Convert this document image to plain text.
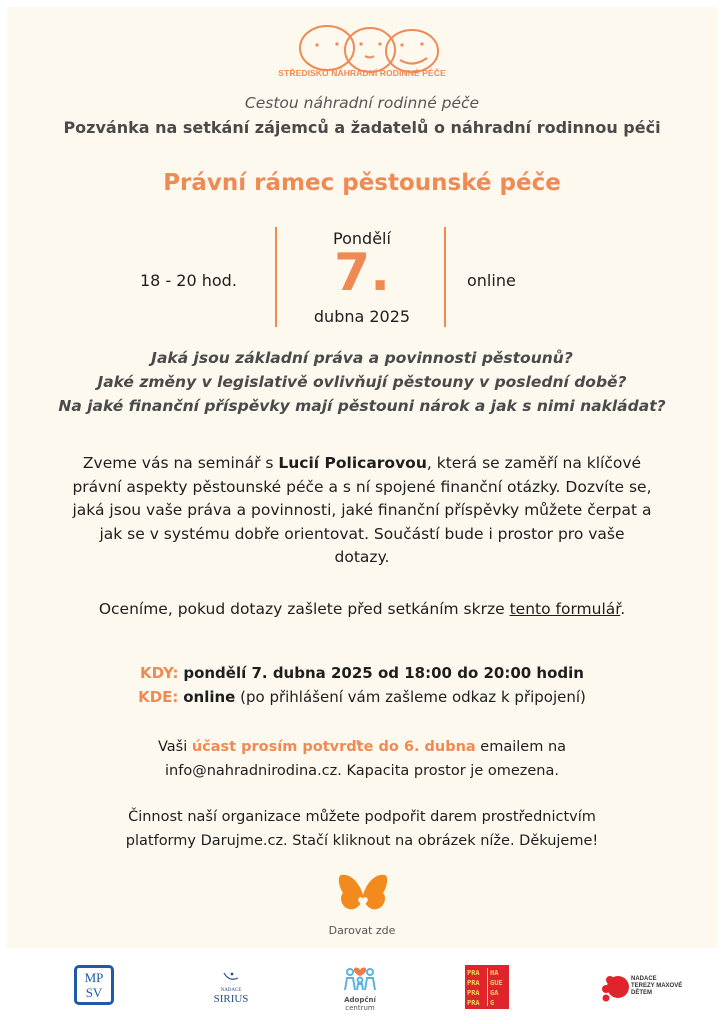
STŘEDISKO NÁHRADNÍ RODINNÉ PÉČE
Cestou náhradní rodinné péče
Pozvánka na setkání zájemců a žadatelů o náhradní rodinnou péči
Právní rámec pěstounské péče
18 - 20 hod.
Pondělí
7.
dubna 2025
online
Jaká jsou základní práva a povinnosti pěstounů?
Jaké změny v legislativě ovlivňují pěstouny v poslední době?
Na jaké finanční příspěvky mají pěstouni nárok a jak s nimi nakládat?
Zveme vás na seminář s Lucií Policarovou, která se zaměří na klíčové právní aspekty pěstounské péče a s ní spojené finanční otázky. Dozvíte se, jaká jsou vaše práva a povinnosti, jaké finanční příspěvky můžete čerpat a jak se v systému dobře orientovat. Součástí bude i prostor pro vaše dotazy.
Oceníme, pokud dotazy zašlete před setkáním skrze tento formulář.
KDY: pondělí 7. dubna 2025 od 18:00 do 20:00 hodin
KDE: online (po přihlášení vám zašleme odkaz k připojení)
Vaši účast prosím potvrďte do 6. dubna emailem na
info@nahradnirodina.cz. Kapacita prostor je omezena.
Činnost naší organizace můžete podpořit darem prostřednictvím
platformy Darujme.cz. Stačí kliknout na obrázek níže. Děkujeme!
Darovat zde
MP
SV	NADACE
SIRIUS	Adopční
centrum
PRA
PRA
PRA
PRA
HA
GUE
GA
G
NADACE
TEREZY MAXOVÉ
DĚTEM
